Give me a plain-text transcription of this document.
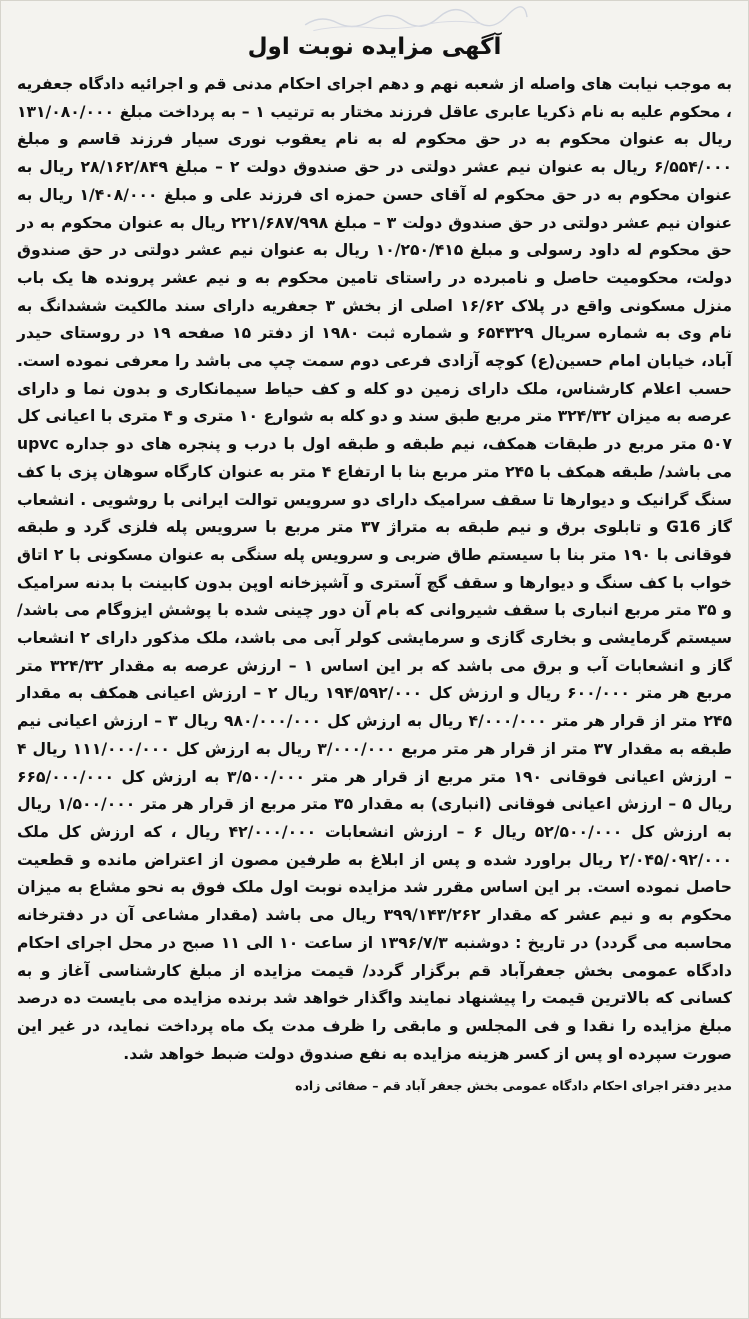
آگهی مزایده نوبت اول

به موجب نیابت های واصله از شعبه نهم و دهم اجرای احکام مدنی قم و اجرائیه دادگاه جعفریه ، محکوم علیه به نام ذکریا عابری عاقل فرزند مختار به ترتیب ۱ – به پرداخت مبلغ ۱۳۱/۰۸۰/۰۰۰ ریال به عنوان محکوم به در حق محکوم له به نام یعقوب نوری سیار فرزند قاسم و مبلغ ۶/۵۵۴/۰۰۰ ریال به عنوان نیم عشر دولتی در حق صندوق دولت ۲ – مبلغ ۲۸/۱۶۲/۸۴۹ ریال به عنوان محکوم به در حق محکوم له آقای حسن حمزه ای فرزند علی و مبلغ ۱/۴۰۸/۰۰۰ ریال به عنوان نیم عشر دولتی در حق صندوق دولت ۳ – مبلغ ۲۲۱/۶۸۷/۹۹۸ ریال به عنوان محکوم به در حق محکوم له داود رسولی و مبلغ ۱۰/۲۵۰/۴۱۵ ریال به عنوان نیم عشر دولتی در حق صندوق دولت، محکومیت حاصل و نامبرده در راستای تامین محکوم به و نیم عشر پرونده ها یک باب منزل مسکونی واقع در پلاک ۱۶/۶۲ اصلی از بخش ۳ جعفریه دارای سند مالکیت ششدانگ به نام وی به شماره سریال ۶۵۴۳۲۹ و شماره ثبت ۱۹۸۰ از دفتر ۱۵ صفحه ۱۹ در روستای حیدر آباد، خیابان امام حسین(ع) کوچه آزادی فرعی دوم سمت چپ می باشد را معرفی نموده است. حسب اعلام کارشناس، ملک دارای زمین دو کله و کف حیاط سیمانکاری و بدون نما و دارای عرصه به میزان ۳۲۴/۳۲ متر مربع طبق سند و دو کله به شوارع ۱۰ متری و ۴ متری با اعیانی کل ۵۰۷ متر مربع در طبقات همکف، نیم طبقه و طبقه اول با درب و پنجره های دو جداره upvc می باشد/ طبقه همکف با ۲۴۵ متر مربع بنا با ارتفاع ۴ متر به عنوان کارگاه سوهان پزی با کف سنگ گرانیک و دیوارها تا سقف سرامیک دارای دو سرویس توالت ایرانی با روشویی . انشعاب گاز G16 و تابلوی برق و نیم طبقه به متراژ ۳۷ متر مربع با سرویس پله فلزی گرد و طبقه فوقانی با ۱۹۰ متر بنا با سیستم طاق ضربی و سرویس پله سنگی به عنوان مسکونی با ۲ اتاق خواب با کف سنگ و دیوارها و سقف گچ آستری و آشپزخانه اوپن بدون کابینت با بدنه سرامیک و ۳۵ متر مربع انباری با سقف شیروانی که بام آن دور چینی شده با پوشش ایزوگام می باشد/ سیستم گرمایشی و بخاری گازی و سرمایشی کولر آبی می باشد، ملک مذکور دارای ۲ انشعاب گاز و انشعابات آب و برق می باشد که بر این اساس ۱ – ارزش عرصه به مقدار ۳۲۴/۳۲ متر مربع هر متر ۶۰۰/۰۰۰ ریال و ارزش کل ۱۹۴/۵۹۲/۰۰۰ ریال ۲ – ارزش اعیانی همکف به مقدار ۲۴۵ متر از قرار هر متر ۴/۰۰۰/۰۰۰ ریال به ارزش کل ۹۸۰/۰۰۰/۰۰۰ ریال ۳ – ارزش اعیانی نیم طبقه به مقدار ۳۷ متر از قرار هر متر مربع ۳/۰۰۰/۰۰۰ ریال به ارزش کل ۱۱۱/۰۰۰/۰۰۰ ریال ۴ – ارزش اعیانی فوقانی ۱۹۰ متر مربع از قرار هر متر ۳/۵۰۰/۰۰۰ به ارزش کل ۶۶۵/۰۰۰/۰۰۰ ریال ۵ – ارزش اعیانی فوقانی (انباری) به مقدار ۳۵ متر مربع از قرار هر متر ۱/۵۰۰/۰۰۰ ریال به ارزش کل ۵۲/۵۰۰/۰۰۰ ریال ۶ – ارزش انشعابات ۴۲/۰۰۰/۰۰۰ ریال ، که ارزش کل ملک ۲/۰۴۵/۰۹۲/۰۰۰ ریال براورد شده و پس از ابلاغ به طرفین مصون از اعتراض مانده و قطعیت حاصل نموده است. بر این اساس مقرر شد مزایده نوبت اول ملک فوق به نحو مشاع به میزان محکوم به و نیم عشر که مقدار ۳۹۹/۱۴۳/۲۶۲ ریال می باشد (مقدار مشاعی آن در دفترخانه محاسبه می گردد) در تاریخ : دوشنبه ۱۳۹۶/۷/۳ از ساعت ۱۰ الی ۱۱ صبح در محل اجرای احکام دادگاه عمومی بخش جعفرآباد قم برگزار گردد/ قیمت مزایده از مبلغ کارشناسی آغاز و به کسانی که بالاترین قیمت را پیشنهاد نمایند واگذار خواهد شد برنده مزایده می بایست ده درصد مبلغ مزایده را نقدا و فی المجلس و مابقی را ظرف مدت یک ماه پرداخت نماید، در غیر این صورت سپرده او پس از کسر هزینه مزایده به نفع صندوق دولت ضبط خواهد شد.

مدیر دفتر اجرای احکام دادگاه عمومی بخش جعفر آباد قم – صفائی زاده
